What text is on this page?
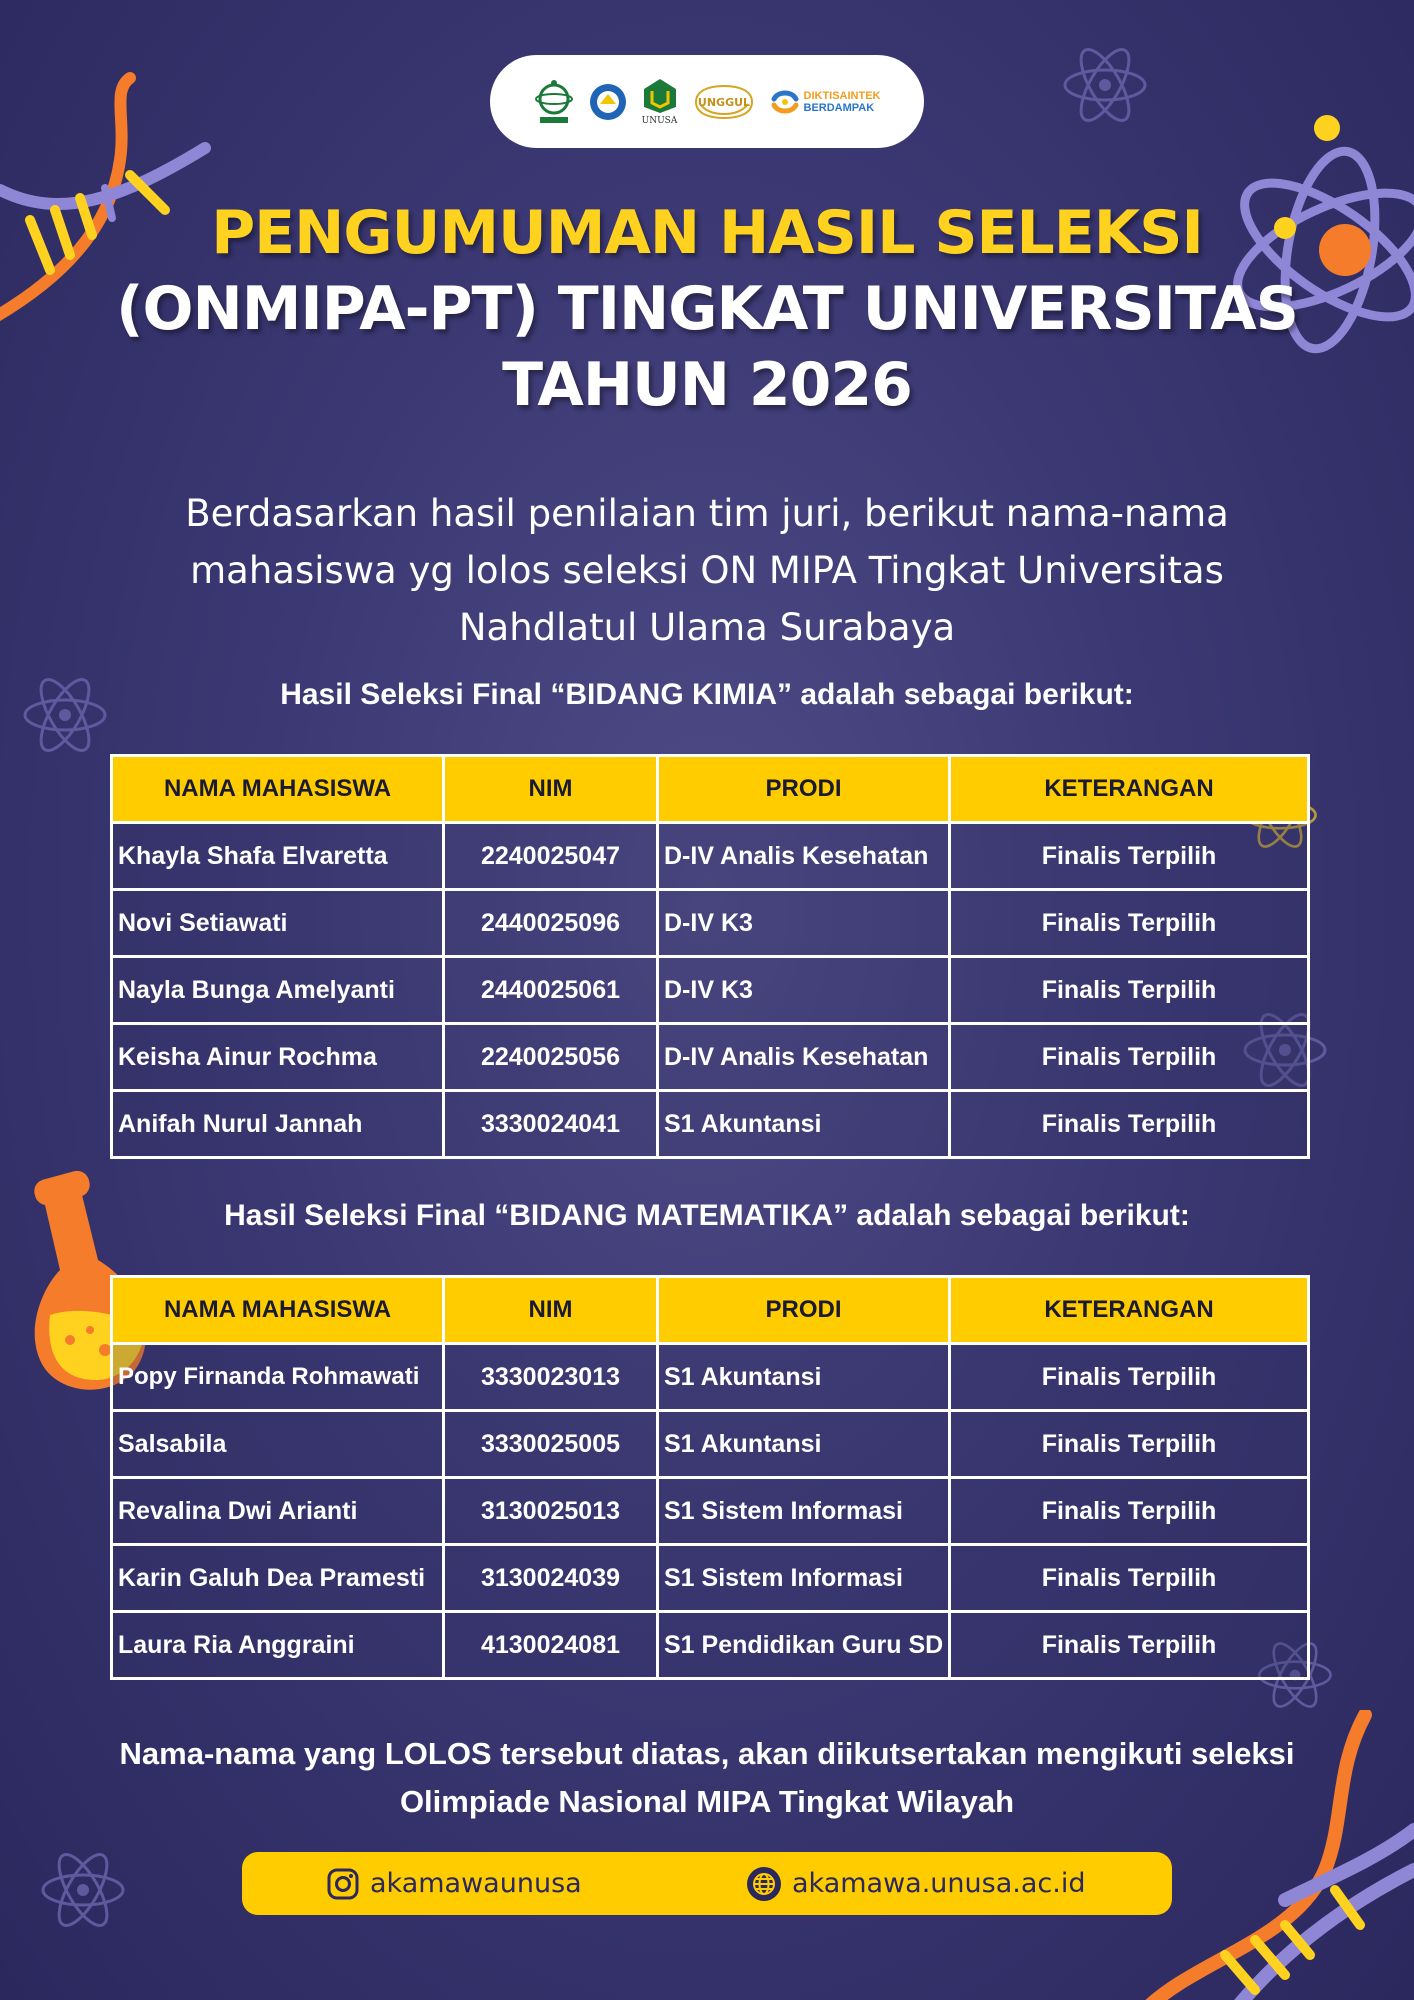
UNUSA
UNGGUL	DIKTISAINTEK
BERDAMPAK
PENGUMUMAN HASIL SELEKSI
(ONMIPA-PT) TINGKAT UNIVERSITAS
TAHUN 2026
Berdasarkan hasil penilaian tim juri, berikut nama-nama mahasiswa yg lolos seleksi ON MIPA Tingkat Universitas Nahdlatul Ulama Surabaya
Hasil Seleksi Final “BIDANG KIMIA” adalah sebagai berikut:
NAMA MAHASISWA	NIM	PRODI	KETERANGAN
Khayla Shafa Elvaretta	2240025047	D-IV Analis Kesehatan	Finalis Terpilih
Novi Setiawati	2440025096	D-IV K3	Finalis Terpilih
Nayla Bunga Amelyanti	2440025061	D-IV K3	Finalis Terpilih
Keisha Ainur Rochma	2240025056	D-IV Analis Kesehatan	Finalis Terpilih
Anifah Nurul Jannah	3330024041	S1 Akuntansi	Finalis Terpilih
Hasil Seleksi Final “BIDANG MATEMATIKA” adalah sebagai berikut:
NAMA MAHASISWA	NIM	PRODI	KETERANGAN
Popy Firnanda Rohmawati	3330023013	S1 Akuntansi	Finalis Terpilih
Salsabila	3330025005	S1 Akuntansi	Finalis Terpilih
Revalina Dwi Arianti	3130025013	S1 Sistem Informasi	Finalis Terpilih
Karin Galuh Dea Pramesti	3130024039	S1 Sistem Informasi	Finalis Terpilih
Laura Ria Anggraini	4130024081	S1 Pendidikan Guru SD	Finalis Terpilih
Nama-nama yang LOLOS tersebut diatas, akan diikutsertakan mengikuti seleksi Olimpiade Nasional MIPA Tingkat Wilayah
akamawaunusa	akamawa.unusa.ac.id
